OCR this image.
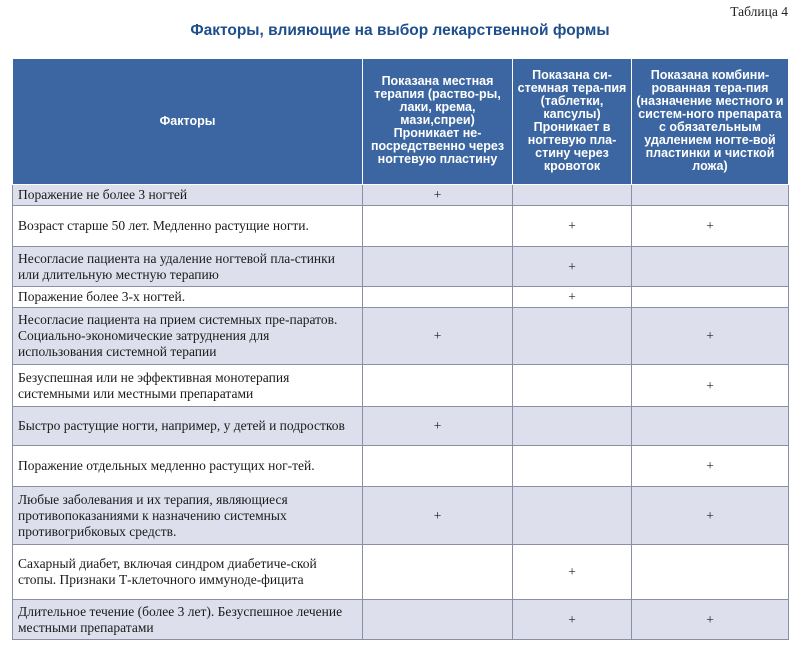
Таблица 4
Факторы, влияющие на выбор лекарственной формы
Факторы	Показана местная терапия (раство-ры, лаки, крема, мази,спреи) Проникает не-посредственно через ногтевую пластину	Показана си-стемная тера-пия (таблетки, капсулы) Проникает в ногтевую пла-стину через кровоток	Показана комбини-рованная тера-пия (назначение местного и систем-ного препарата с обязательным удалением ногте-вой пластинки и чисткой ложа)
Поражение не более 3 ногтей	+		
Возраст старше 50 лет. Медленно растущие ногти.		+	+
Несогласие пациента на удаление ногтевой пла-стинки или длительную местную терапию		+	
Поражение более 3-х ногтей.		+	
Несогласие пациента на прием системных пре-паратов. Социально-экономические затруднения для использования системной терапии	+		+
Безуспешная или не эффективная монотерапия системными или местными препаратами			+
Быстро растущие ногти, например, у детей и подростков	+		
Поражение отдельных медленно растущих ног-тей.			+
Любые заболевания и их терапия, являющиеся противопоказаниями к назначению системных противогрибковых средств.	+		+
Сахарный диабет, включая синдром диабетиче-ской стопы. Признаки Т-клеточного иммуноде-фицита		+	
Длительное течение (более 3 лет). Безуспешное лечение местными препаратами		+	+
